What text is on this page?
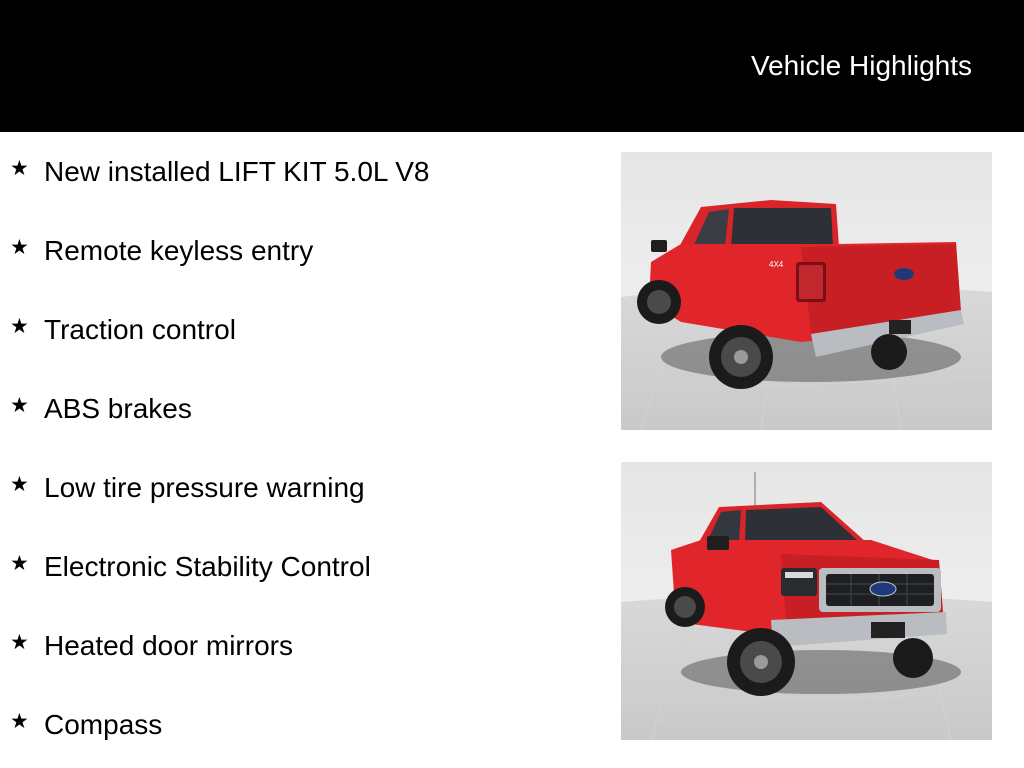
Vehicle Highlights
★ New installed LIFT KIT 5.0L V8
★ Remote keyless entry
★ Traction control
★ ABS brakes
★ Low tire pressure warning
★ Electronic Stability Control
★ Heated door mirrors
★ Compass
4X4
